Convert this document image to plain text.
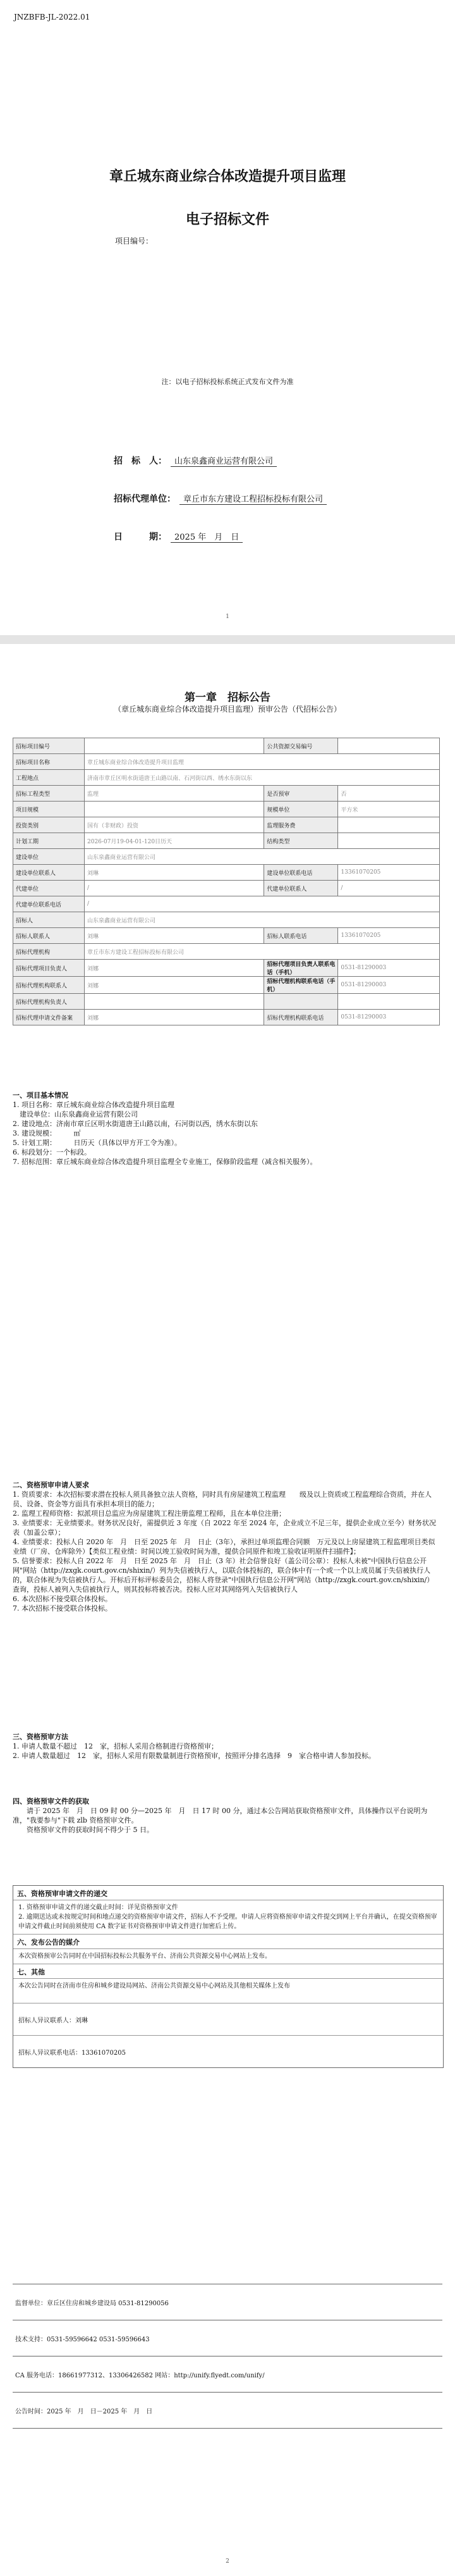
JNZBFB-JL-2022.01
章丘城东商业综合体改造提升项目监理
电子招标文件
项目编号：
注：以电子招标投标系统正式发布文件为准
招　标　人： 山东泉鑫商业运营有限公司
招标代理单位： 章丘市东方建设工程招标投标有限公司
日　　　期： 2025 年　月　日
1
第一章　招标公告
（章丘城东商业综合体改造提升项目监理）预审公告（代招标公告）
招标项目编号		公共资源交易编号	
招标项目名称	章丘城东商业综合体改造提升项目监理		
工程地点	济南市章丘区明水街道唐王山路以南、石河街以西、绣水东街以东		
招标工程类型	监理	是否预审	否
项目规模		规模单位	平方米
投资类别	国有（非财政）投资	监理服务费	
计划工期	2026-07月19-04-01-120日历天	结构类型	
建设单位	山东泉鑫商业运营有限公司		
建设单位联系人	刘琳	建设单位联系电话	13361070205
代建单位	/	代建单位联系人	/
代建单位联系电话	/		
招标人	山东泉鑫商业运营有限公司		
招标人联系人	刘琳	招标人联系电话	13361070205
招标代理机构	章丘市东方建设工程招标投标有限公司		
招标代理项目负责人	刘娜	招标代理项目负责人联系电话（手机）	0531-81290003
招标代理机构联系人	刘娜	招标代理机构联系电话（手机）	0531-81290003
招标代理机构负责人			
招标代理申请文件备案	刘娜	招标代理机构联系电话	0531-81290003
一、项目基本情况
1. 项目名称：章丘城东商业综合体改造提升项目监理
　建设单位：山东泉鑫商业运营有限公司
2. 建设地点：济南市章丘区明水街道唐王山路以南，石河街以西，绣水东街以东
3. 建设规模：　　　㎡
5. 计划工期：　　　日历天（具体以甲方开工令为准）。
6. 标段划分：一个标段。
7. 招标范围：章丘城东商业综合体改造提升项目监理全专业施工，保修阶段监理（减含相关服务）。
二、资格预审申请人要求
1. 资质要求：本次招标要求潜在投标人须具备独立法人资格，同时具有房屋建筑工程监理　　级及以上资质或工程监理综合资质，并在人员、设备、资金等方面具有承担本项目的能力；
2. 监理工程师资格：拟派项目总监应为房屋建筑工程注册监理工程师，且在本单位注册；
3. 业绩要求：无业绩要求。财务状况良好，需提供近 3 年度（自 2022 年至 2024 年，企业成立不足三年，提供企业成立至今）财务状况表（加盖公章）；
4. 业绩要求：投标人自 2020 年　月　日至 2025 年　月　日止（3年），承担过单项监理合同额　万元及以上房屋建筑工程监理项目类似业绩（厂房、仓库除外）【类似工程业绩：时间以竣工验收时间为准，提供合同原件和竣工验收证明原件扫描件】；
5. 信誉要求：投标人自 2022 年　月　日至 2025 年　月　日止（3 年）社会信誉良好（盖公司公章）：投标人未被"中国执行信息公开网"网站（http://zxgk.court.gov.cn/shixin/）列为失信被执行人，以联合体投标的，联合体中有一个或一个以上成员属于失信被执行人的，联合体视为失信被执行人。开标后开标评标委员会，招标人将登录"中国执行信息公开网"网站（http://zxgk.court.gov.cn/shixin/）查询，投标人被列入失信被执行人，则其投标将被否决。投标人应对其网络列入失信被执行人
6. 本次招标不接受联合体投标。
7. 本次招标不接受联合体投标。
三、资格预审方法
1. 申请人数量不超过　12　家，招标人采用合格制进行资格预审；
2. 申请人数量超过　12　家，招标人采用有限数量制进行资格预审，按照评分排名选择　9　家合格申请人参加投标。
四、资格预审文件的获取
　　请于 2025 年　月　日 09 时 00 分—2025 年　月　日 17 时 00 分，通过本公告网站获取资格预审文件，具体操作以平台说明为准，"我要参与"下载 zlb 资格预审文件。
　　资格预审文件的获取时间不得少于 5 日。
五、资格预审申请文件的递交
1. 资格预审申请文件的递交截止时间：详见资格预审文件
2. 逾期送达或未按规定时间和地点递交的资格预审申请文件，招标人不予受理。申请人应将资格预审申请文件提交到网上平台并确认，在提交资格预审申请文件截止时间前须使用 CA 数字证书对资格预审申请文件进行加密后上传。
六、发布公告的媒介
本次资格预审公告同时在中国招标投标公共服务平台、济南公共资源交易中心网站上发布。
七、其他
本次公告同时在济南市住房和城乡建设局网站、济南公共资源交易中心网站及其他相关媒体上发布
招标人异议联系人：刘琳
招标人异议联系电话：13361070205
监督单位：章丘区住房和城乡建设局 0531-81290056
技术支持：0531-59596642 0531-59596643
CA 服务电话：18661977312、13306426582 网站：http://unify.flyedt.com/unify/
公告时间：2025 年　月　日－2025 年　月　日
2
